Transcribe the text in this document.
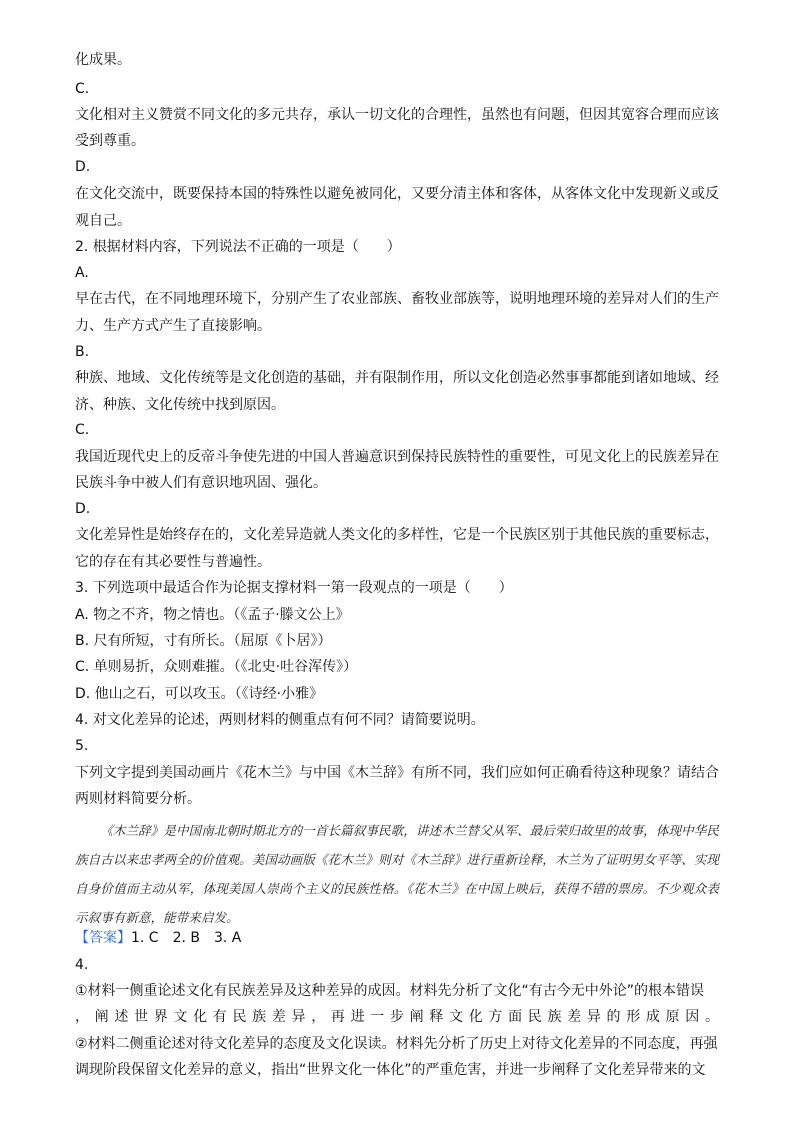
化成果。
C.
文化相对主义赞赏不同文化的多元共存，承认一切文化的合理性，虽然也有问题，但因其宽容合理而应该
受到尊重。
D.
在文化交流中，既要保持本国的特殊性以避免被同化，又要分清主体和客体，从客体文化中发现新义或反
观自己。
2. 根据材料内容，下列说法不正确的一项是（　　）
A.
早在古代，在不同地理环境下，分别产生了农业部族、畜牧业部族等，说明地理环境的差异对人们的生产
力、生产方式产生了直接影响。
B.
种族、地域、文化传统等是文化创造的基础，并有限制作用，所以文化创造必然事事都能到诸如地域、经
济、种族、文化传统中找到原因。
C.
我国近现代史上的反帝斗争使先进的中国人普遍意识到保持民族特性的重要性，可见文化上的民族差异在
民族斗争中被人们有意识地巩固、强化。
D.
文化差异性是始终存在的，文化差异造就人类文化的多样性，它是一个民族区别于其他民族的重要标志，
它的存在有其必要性与普遍性。
3. 下列选项中最适合作为论据支撑材料一第一段观点的一项是（　　）
A. 物之不齐，物之情也。（《孟子·滕文公上》
B. 尺有所短，寸有所长。（屈原《卜居》）
C. 单则易折，众则难摧。（《北史·吐谷浑传》）
D. 他山之石，可以攻玉。（《诗经·小雅》
4. 对文化差异的论述，两则材料的侧重点有何不同？请简要说明。
5.
下列文字提到美国动画片《花木兰》与中国《木兰辞》有所不同，我们应如何正确看待这种现象？请结合
两则材料简要分析。

《木兰辞》是中国南北朝时期北方的一首长篇叙事民歌，讲述木兰替父从军、最后荣归故里的故事，体现中华民族自古以来忠孝两全的价值观。美国动画版《花木兰》则对《木兰辞》进行重新诠释，木兰为了证明男女平等、实现自身价值而主动从军，体现美国人崇尚个主义的民族性格。《花木兰》在中国上映后，获得不错的票房。不少观众表示叙事有新意，能带来启发。

【答案】1. C　2. B　3. A
4.
①材料一侧重论述文化有民族差异及这种差异的成因。材料先分析了文化“有古今无中外论”的根本错误
，阐述世界文化有民族差异，再进一步阐释文化方面民族差异的形成原因。
②材料二侧重论述对待文化差异的态度及文化误读。材料先分析了历史上对待文化差异的不同态度，再强
调现阶段保留文化差异的意义，指出“世界文化一体化”的严重危害，并进一步阐释了文化差异带来的文
